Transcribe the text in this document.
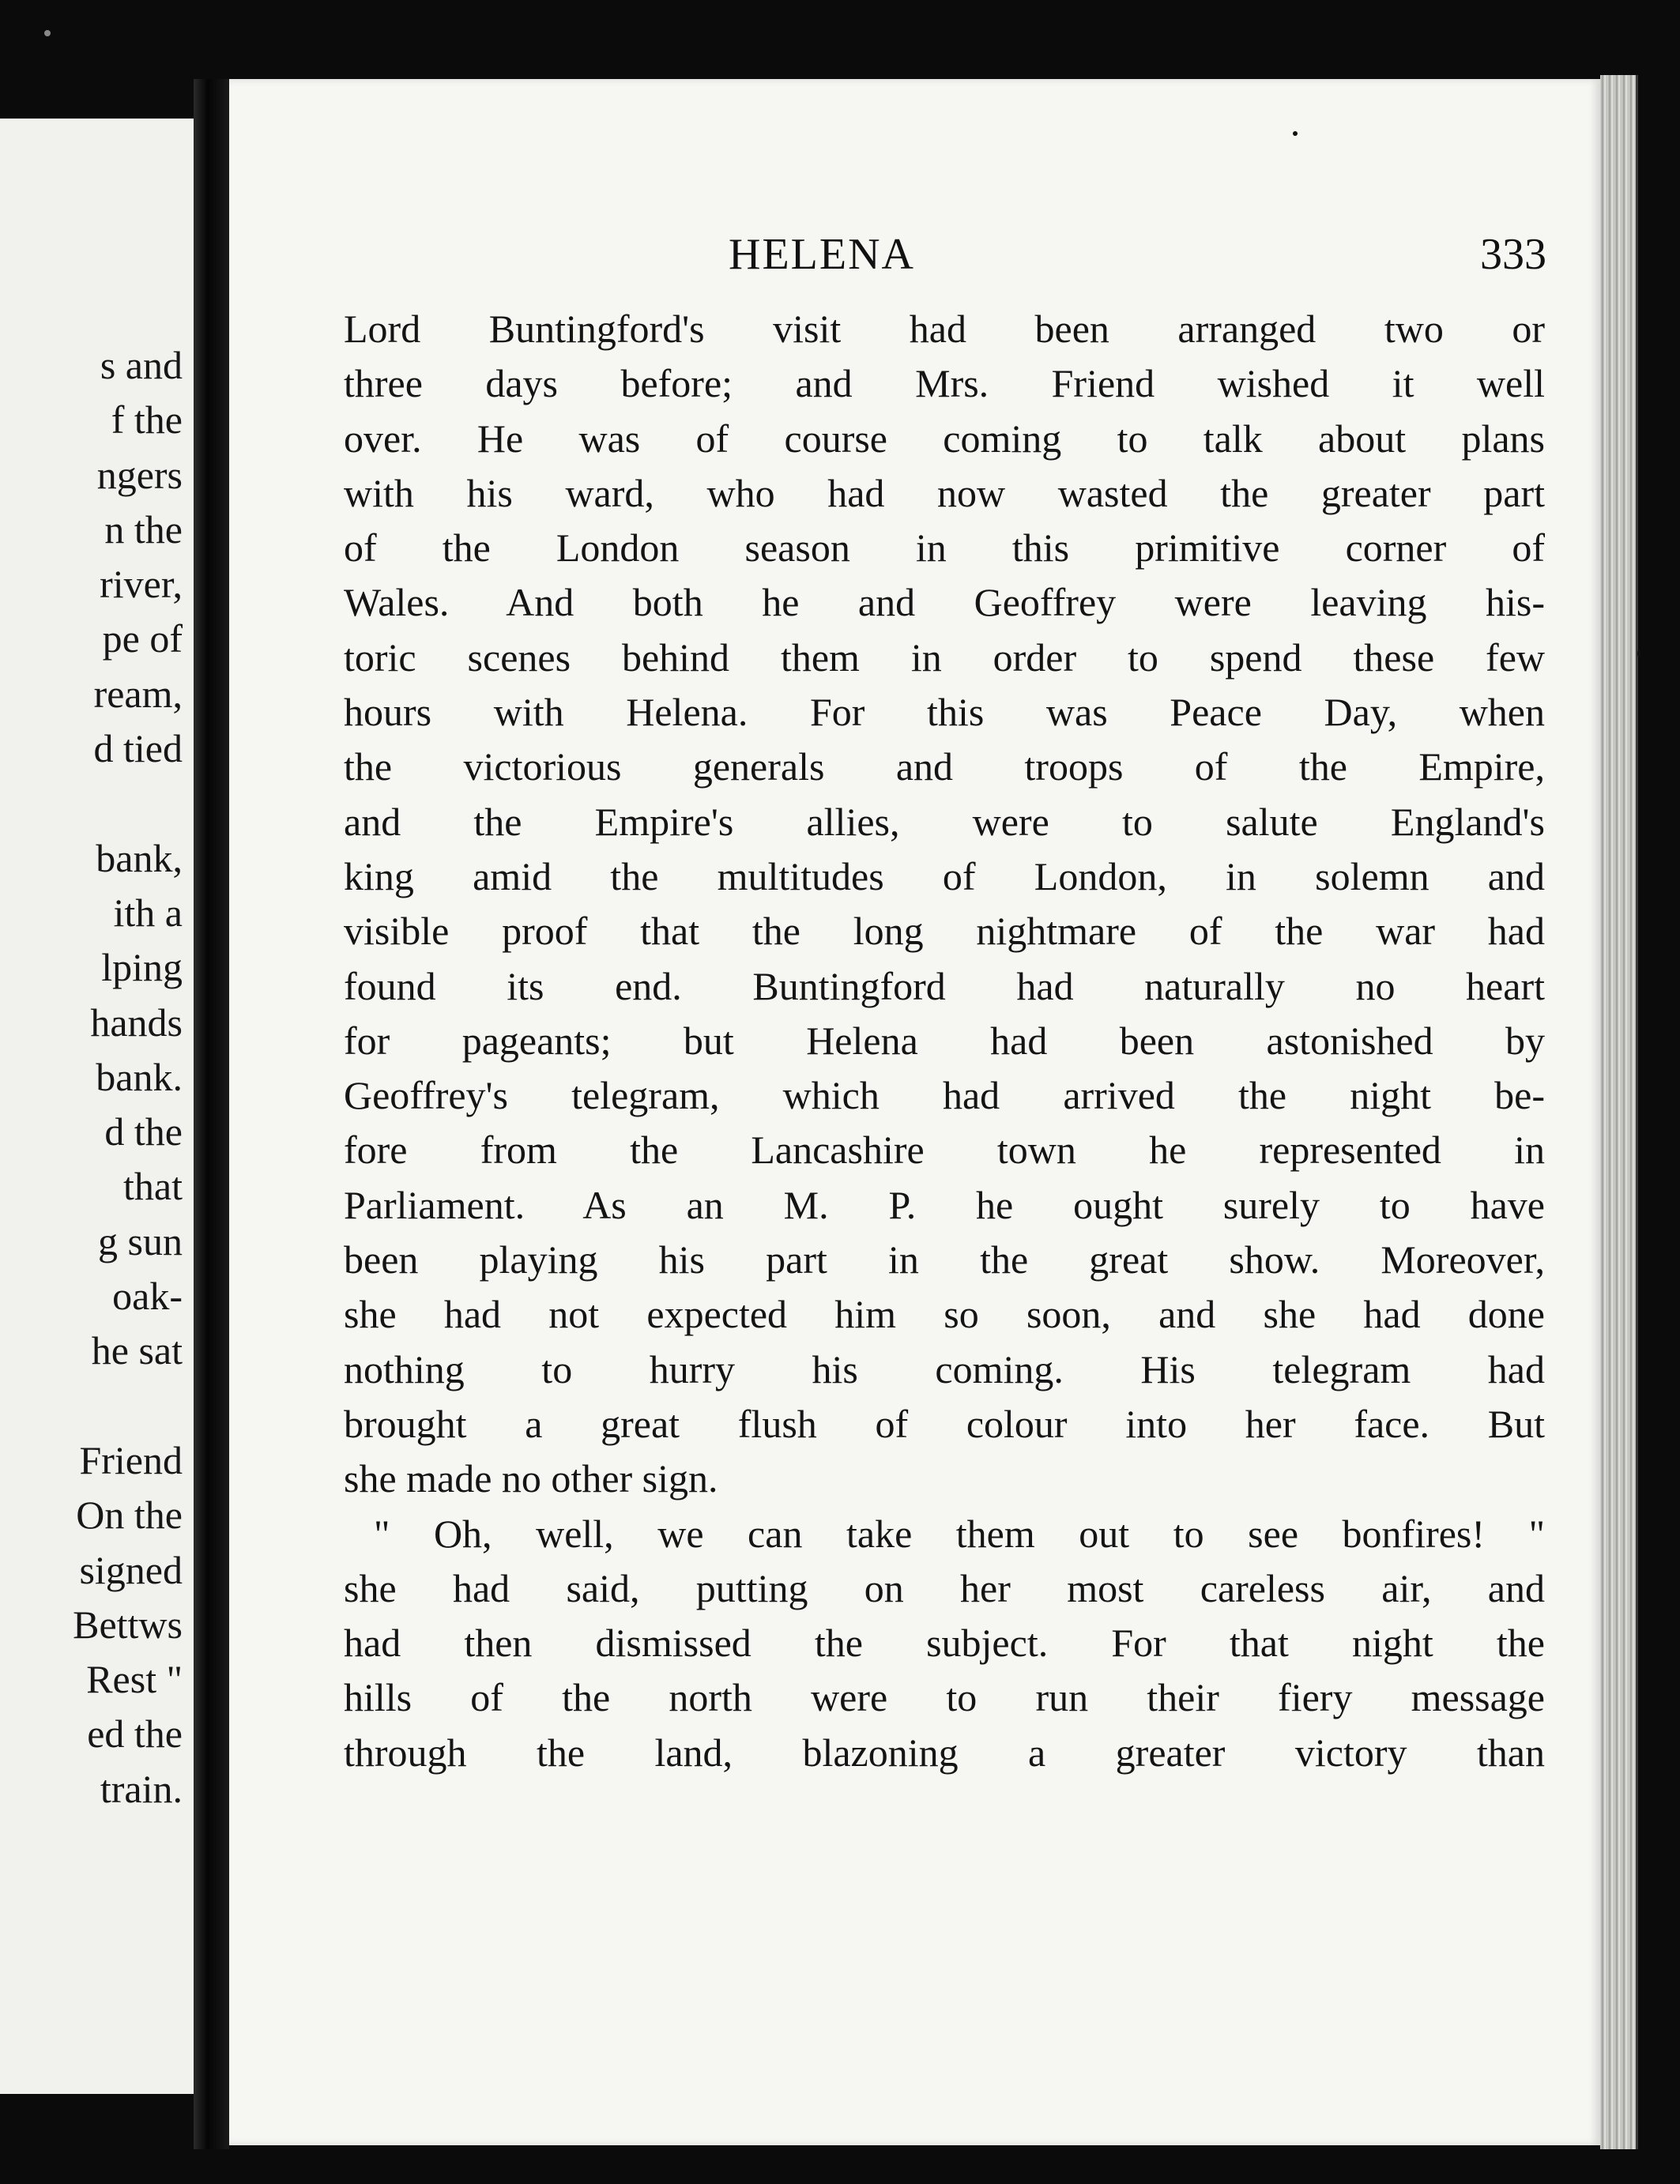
s and
f the
ngers
n the
river,
pe of
ream,
d tied

bank,
ith a
lping
hands
bank.
d the
that
g sun
oak-
he sat

Friend
On the
signed
Bettws
Rest "
ed the
train.
HELENA	333
Lord Buntingford's visit had been arranged two or
three days before; and Mrs. Friend wished it well
over. He was of course coming to talk about plans
with his ward, who had now wasted the greater part
of the London season in this primitive corner of
Wales. And both he and Geoffrey were leaving his-
toric scenes behind them in order to spend these few
hours with Helena. For this was Peace Day, when
the victorious generals and troops of the Empire,
and the Empire's allies, were to salute England's
king amid the multitudes of London, in solemn and
visible proof that the long nightmare of the war had
found its end. Buntingford had naturally no heart
for pageants; but Helena had been astonished by
Geoffrey's telegram, which had arrived the night be-
fore from the Lancashire town he represented in
Parliament. As an M. P. he ought surely to have
been playing his part in the great show. Moreover,
she had not expected him so soon, and she had done
nothing to hurry his coming. His telegram had
brought a great flush of colour into her face. But
she made no other sign.
" Oh, well, we can take them out to see bonfires! "
she had said, putting on her most careless air, and
had then dismissed the subject. For that night the
hills of the north were to run their fiery message
through the land, blazoning a greater victory than
